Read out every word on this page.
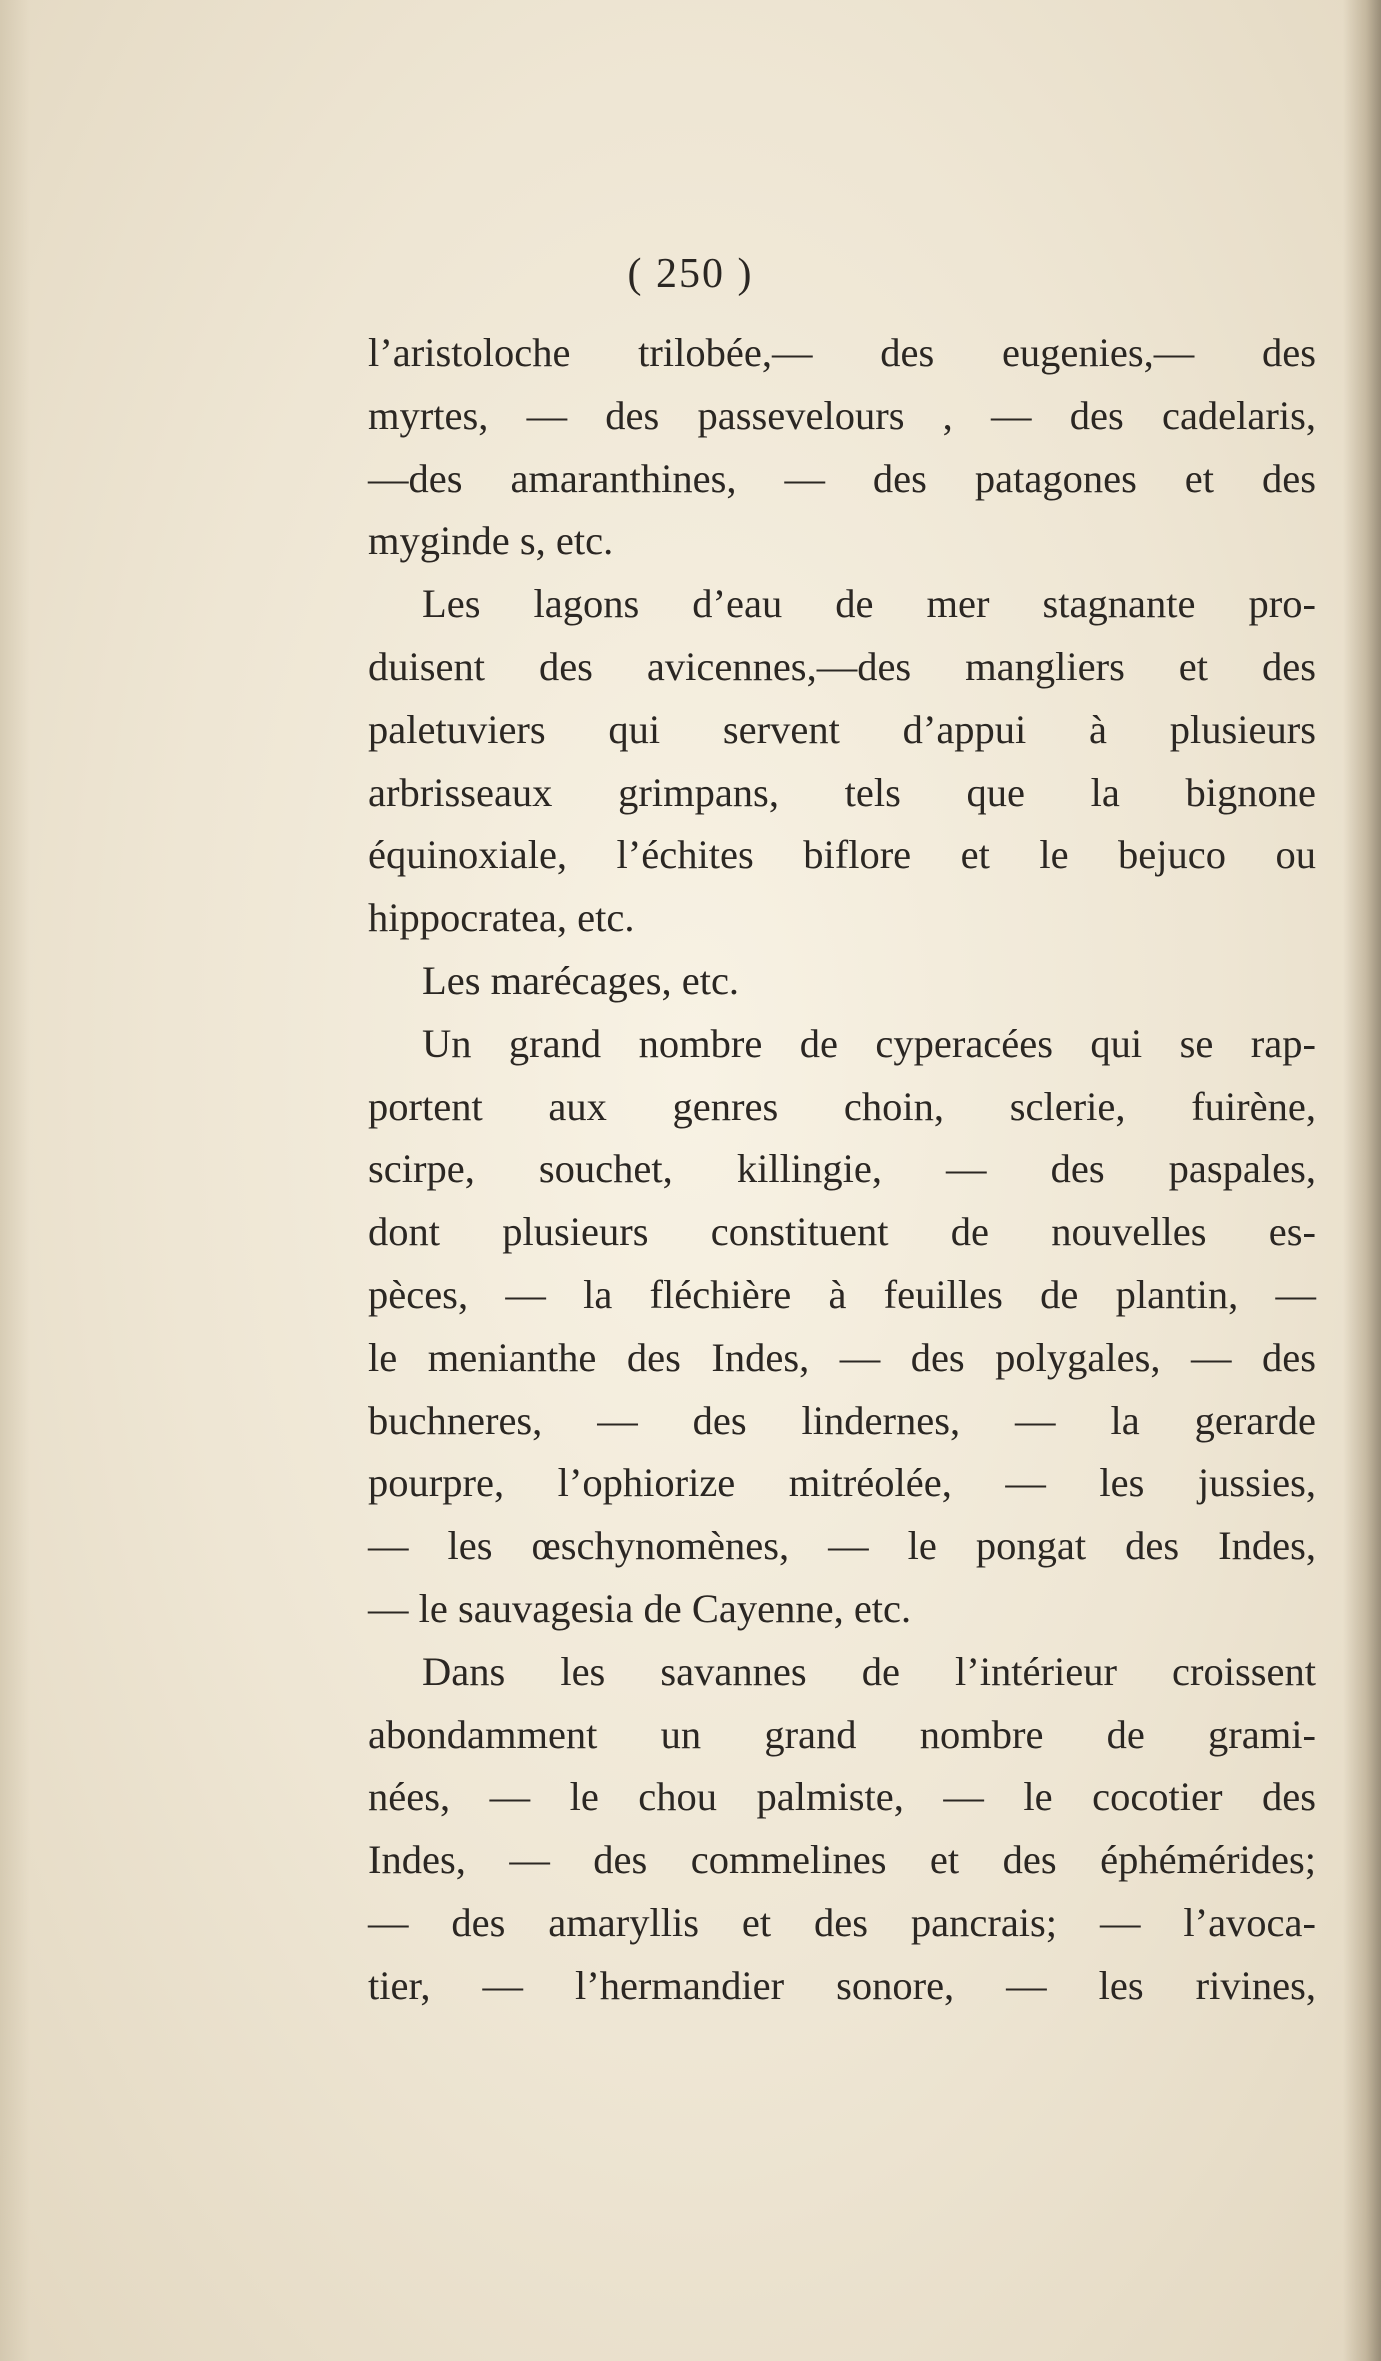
( 250 )
l’aristoloche trilobée,— des eugenies,— des
myrtes, — des passevelours , — des cadelaris,
—des amaranthines, — des patagones et des
myginde s, etc.
Les lagons d’eau de mer stagnante pro-
duisent des avicennes,—des mangliers et des
paletuviers qui servent d’appui à plusieurs
arbrisseaux grimpans, tels que la bignone
équinoxiale, l’échites biflore et le bejuco ou
hippocratea, etc.
Les marécages, etc.
Un grand nombre de cyperacées qui se rap-
portent aux genres choin, sclerie, fuirène,
scirpe, souchet, killingie, — des paspales,
dont plusieurs constituent de nouvelles es-
pèces, — la fléchière à feuilles de plantin, —
le menianthe des Indes, — des polygales, — des
buchneres, — des lindernes, — la gerarde
pourpre, l’ophiorize mitréolée, — les jussies,
— les œschynomènes, — le pongat des Indes,
— le sauvagesia de Cayenne, etc.
Dans les savannes de l’intérieur croissent
abondamment un grand nombre de grami-
nées, — le chou palmiste, — le cocotier des
Indes, — des commelines et des éphémérides;
— des amaryllis et des pancrais; — l’avoca-
tier, — l’hermandier sonore, — les rivines,
